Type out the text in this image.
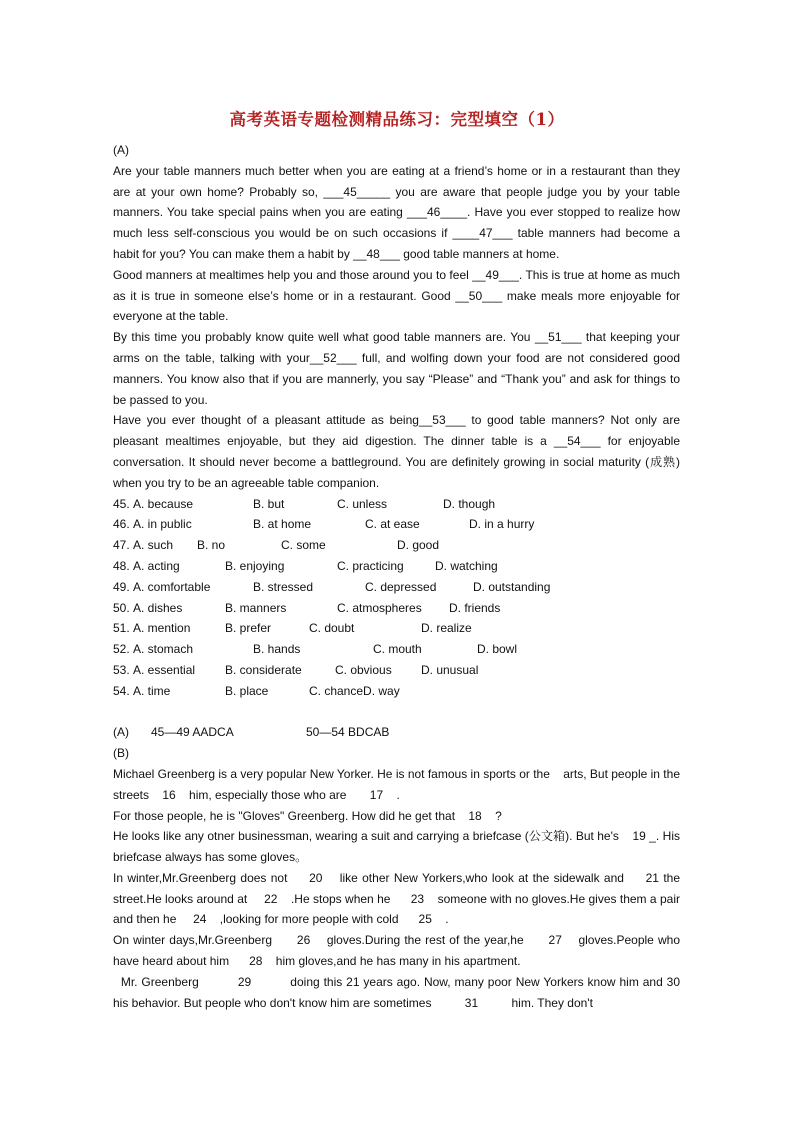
高考英语专题检测精品练习：完型填空（1）

(A)

Are your table manners much better when you are eating at a friend’s home or in a restaurant than they are at your own home? Probably so, ___45_____ you are aware that people judge you by your table manners. You take special pains when you are eating ___46____. Have you ever stopped to realize how much less self-conscious you would be on such occasions if ____47___ table manners had become a habit for you? You can make them a habit by __48___ good table manners at home.

Good manners at mealtimes help you and those around you to feel __49___. This is true at home as much as it is true in someone else’s home or in a restaurant. Good __50___ make meals more enjoyable for everyone at the table.

By this time you probably know quite well what good table manners are. You __51___ that keeping your arms on the table, talking with your__52___ full, and wolfing down your food are not considered good manners. You know also that if you are mannerly, you say “Please” and “Thank you” and ask for things to be passed to you.

Have you ever thought of a pleasant attitude as being__53___ to good table manners? Not only are pleasant mealtimes enjoyable, but they aid digestion. The dinner table is a __54___ for enjoyable conversation. It should never become a battleground. You are definitely growing in social maturity (成熟) when you try to be an agreeable table companion.

45. A. because	B. but	C. unless	D. though

46. A. in public	B. at home	C. at ease	D. in a hurry

47. A. such B. no	C. some	D. good

48. A. acting	B. enjoying	C. practicing	D. watching

49. A. comfortable	B. stressed	C. depressed	D. outstanding

50. A. dishes	B. manners	C. atmospheres D. friends

51. A. mention	B. prefer	C. doubt	D. realize

52. A. stomach	B. hands	C. mouth	D. bowl

53. A. essential B. considerate	C. obvious D. unusual

54. A. time	B. place	C. chanceD. way

(A) 45—49 AADCA	50—54 BDCAB

(B)

Michael Greenberg is a very popular New Yorker. He is not famous in sports or the    arts, But people in the streets    16    him, especially those who are       17    .

For those people, he is "Gloves" Greenberg. How did he get that    18    ?

He looks like any otner businessman, wearing a suit and carrying a briefcase (公文箱). But he's    19 _. His briefcase always has some gloves。

In winter,Mr.Greenberg does not     20    like other New Yorkers,who look at the sidewalk and     21 the street.He looks around at     22    .He stops when he      23    someone with no gloves.He gives them a pair and then he     24    ,looking for more people with cold      25    .

On winter days,Mr.Greenberg      26    gloves.During the rest of the year,he      27    gloves.People who have heard about him      28    him gloves,and he has many in his apartment.

Mr. Greenberg          29          doing this 21 years ago. Now, many poor New Yorkers know him and 30             his behavior. But people who don't know him are sometimes          31          him. They don't
